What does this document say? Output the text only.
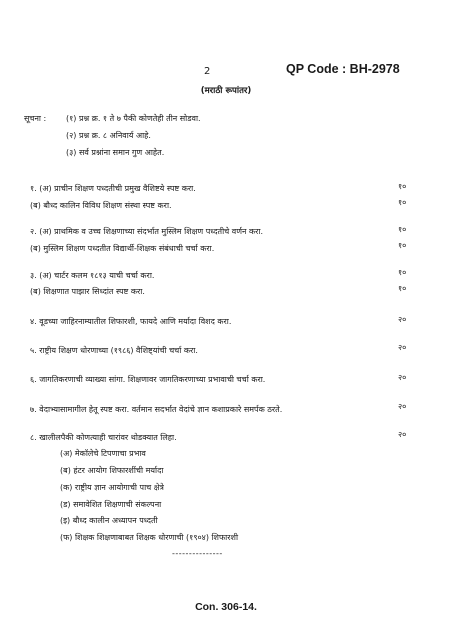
2	QP Code : BH-2978
(मराठी रूपांतर)
सूचना : (१) प्रश्न क्र. १ ते ७ पैकी कोणतेही तीन सोडवा.
(२) प्रश्न क्र. ८ अनिवार्य आहे.
(३) सर्व प्रश्नांना समान गुण आहेत.
१. (अ) प्राचीन शिक्षण पध्दतीची प्रमुख वैशिष्टये स्पष्ट करा.	१०
(ब) बौध्द कालिन विविध शिक्षण संस्था स्पष्ट करा.	१०
२. (अ) प्राथमिक व उच्च शिक्षणाच्या संदर्भात मुस्लिम शिक्षण पध्दतीचे वर्णन करा.	१०
(ब) मुस्लिम शिक्षण पध्दतीत विद्यार्थी-शिक्षक संबंधाची चर्चा करा.	१०
३. (अ) चार्टर कलम १८१३ याची चर्चा करा.	१०
(ब) शिक्षणात पाझार सिध्दांत स्पष्ट करा.	१०
४. वूडच्या जाहिरनाम्यातील शिफारशी, फायदे आणि मर्यादा विशद करा.	२०
५. राष्ट्रीय शिक्षण धोरणाच्या (१९८६) वैशिष्ट्यांची चर्चा करा.	२०
६. जागतिकरणाची व्याख्या सांगा. शिक्षणावर जागतिकरणाच्या प्रभावाची चर्चा करा.	२०
७. वेदाभ्यासामागील हेतू स्पष्ट करा. वर्तमान सदर्भात वेदांचे ज्ञान कशाप्रकारे समर्पक ठरते.	२०
८. खालीलपैकी कोणत्याही चारांवर थोडक्यात लिहा.	२०
(अ) मेकॉलेचे टिपणाचा प्रभाव
(ब) हंटर आयोग शिफारशींची मर्यादा
(क) राष्ट्रीय ज्ञान आयोगाची पाच क्षेत्रे
(ड) समावेशित शिक्षणाची संकल्पना
(इ) बौध्द कालीन अध्यापन पध्दती
(फ) शिक्षक शिक्षणाबाबत शिक्षक धोरणाची (१९०४) शिफारशी
---------------
Con. 306-14.
